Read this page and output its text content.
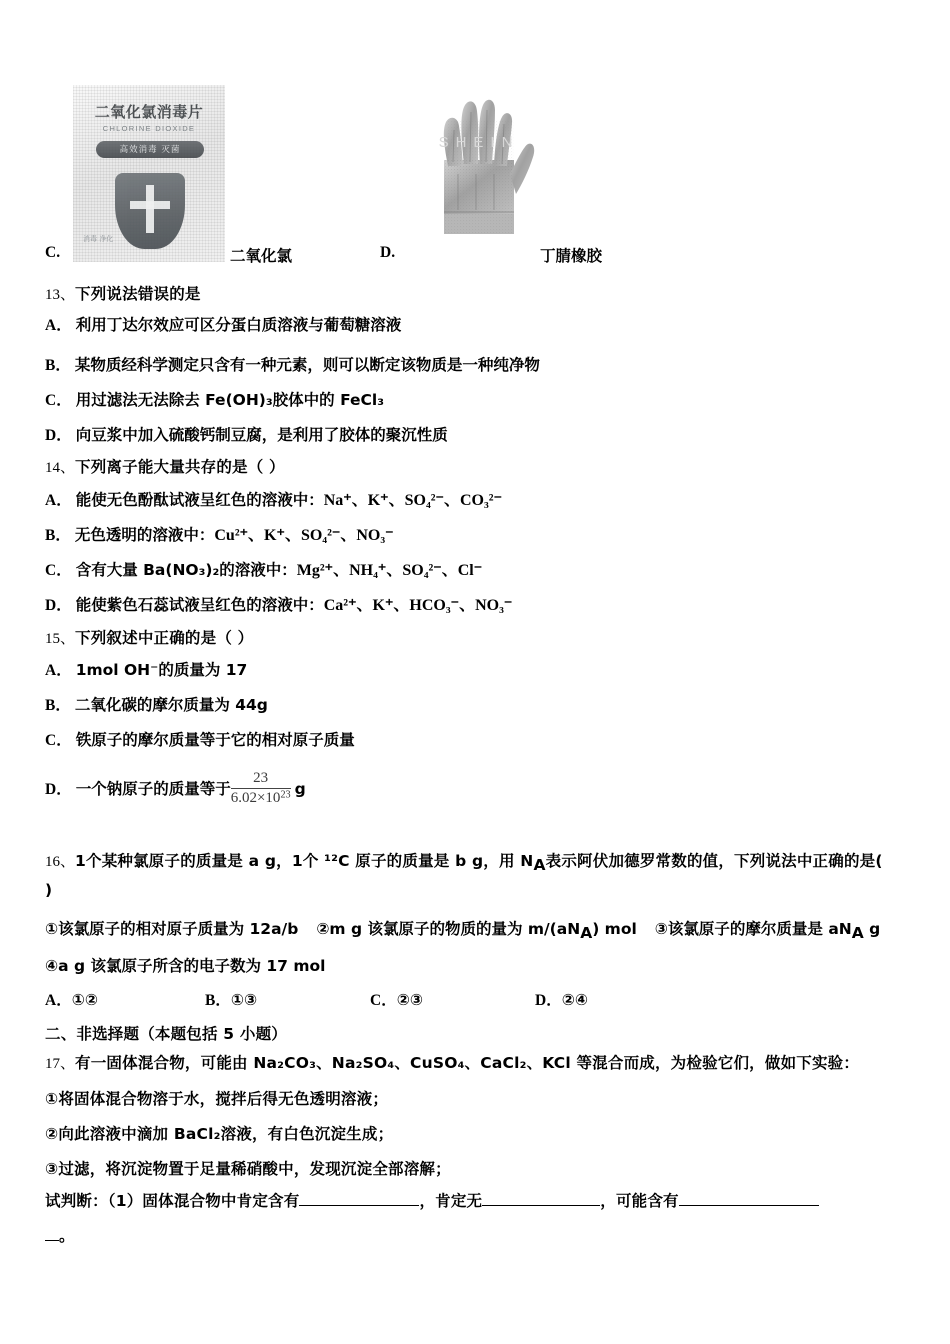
C.
二氧化氯消毒片
CHLORINE DIOXIDE
高效消毒 灭菌
消毒 净化
二氧化氯	D.
SHEIN
丁腈橡胶
13、下列说法错误的是
A． 利用丁达尔效应可区分蛋白质溶液与葡萄糖溶液
B． 某物质经科学测定只含有一种元素，则可以断定该物质是一种纯净物
C． 用过滤法无法除去 Fe(OH)₃胶体中的 FeCl₃
D． 向豆浆中加入硫酸钙制豆腐，是利用了胶体的聚沉性质
14、下列离子能大量共存的是（ ）
A． 能使无色酚酞试液呈红色的溶液中：Na⁺、K⁺、SO₄²⁻、CO₃²⁻
B． 无色透明的溶液中：Cu²⁺、K⁺、SO₄²⁻、NO₃⁻
C． 含有大量 Ba(NO₃)₂的溶液中：Mg²⁺、NH₄⁺、SO₄²⁻、Cl⁻
D． 能使紫色石蕊试液呈红色的溶液中：Ca²⁺、K⁺、HCO₃⁻、NO₃⁻
15、下列叙述中正确的是（ ）
A． 1mol OH⁻的质量为 17
B． 二氧化碳的摩尔质量为 44g
C． 铁原子的摩尔质量等于它的相对原子质量
D． 一个钠原子的质量等于 $\frac{23}{6.02\times 10^{23}}$ g
16、1个某种氯原子的质量是 a g，1个 ¹²C 原子的质量是 b g，用 $N_A$表示阿伏加德罗常数的值，下列说法中正确的是(
)
①该氯原子的相对原子质量为 12a/b ②m g 该氯原子的物质的量为 $m/(aN_A)$ mol ③该氯原子的摩尔质量是 $aN_A$ g
④a g 该氯原子所含的电子数为 17 mol
A．①②	B．①③	C．②③	D．②④
二、非选择题（本题包括 5 小题）
17、有一固体混合物，可能由 Na₂CO₃、Na₂SO₄、CuSO₄、CaCl₂、KCl 等混合而成，为检验它们，做如下实验：
①将固体混合物溶于水，搅拌后得无色透明溶液；
②向此溶液中滴加 BaCl₂溶液，有白色沉淀生成；
③过滤，将沉淀物置于足量稀硝酸中，发现沉淀全部溶解；
试判断：（1）固体混合物中肯定含有	，肯定无	，可能含有
。
